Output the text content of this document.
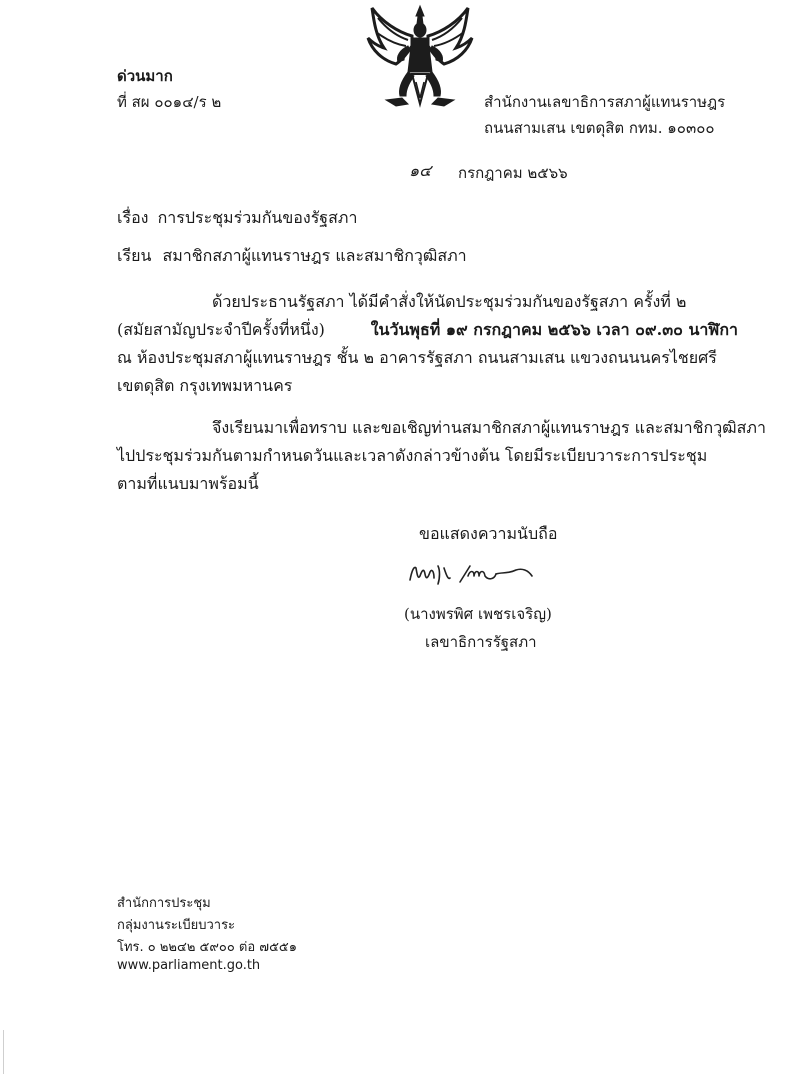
ด่วนมาก
ที่ สผ ๐๐๑๔/ร ๒	สำนักงานเลขาธิการสภาผู้แทนราษฎร
ถนนสามเสน เขตดุสิต กทม. ๑๐๓๐๐
๑๔ กรกฎาคม ๒๕๖๖
เรื่อง การประชุมร่วมกันของรัฐสภา
เรียน สมาชิกสภาผู้แทนราษฎร และสมาชิกวุฒิสภา
ด้วยประธานรัฐสภา ได้มีคำสั่งให้นัดประชุมร่วมกันของรัฐสภา ครั้งที่ ๒
(สมัยสามัญประจำปีครั้งที่หนึ่ง)	ในวันพุธที่ ๑๙ กรกฎาคม ๒๕๖๖ เวลา ๐๙.๓๐ นาฬิกา
ณ ห้องประชุมสภาผู้แทนราษฎร ชั้น ๒ อาคารรัฐสภา ถนนสามเสน แขวงถนนนครไชยศรี
เขตดุสิต กรุงเทพมหานคร
จึงเรียนมาเพื่อทราบ และขอเชิญท่านสมาชิกสภาผู้แทนราษฎร และสมาชิกวุฒิสภา
ไปประชุมร่วมกันตามกำหนดวันและเวลาดังกล่าวข้างต้น โดยมีระเบียบวาระการประชุม
ตามที่แนบมาพร้อมนี้
ขอแสดงความนับถือ
(นางพรพิศ เพชรเจริญ)
เลขาธิการรัฐสภา
สำนักการประชุม
กลุ่มงานระเบียบวาระ
โทร. ๐ ๒๒๔๒ ๕๙๐๐ ต่อ ๗๕๕๑
www.parliament.go.th
